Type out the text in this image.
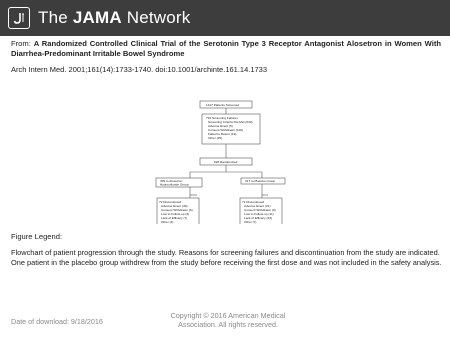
The JAMA Network
From: A Randomized Controlled Clinical Trial of the Serotonin Type 3 Receptor Antagonist Alosetron in Women With Diarrhea-Predominant Irritable Bowel Syndrome
Arch Intern Med. 2001;161(14):1733-1740. doi:10.1001/archinte.161.14.1733
1417 Patients Screened
791 Screening Failures
Screening Criteria Not Met (640)
Adverse Event (5)
Consent Withdrawn (102)
Failed to Return (19)
Other (25)
626 Randomized
309 to Alosetron
Hydrochloride Group
317 to Placebo Group
72 Discontinued
Adverse Event (49)
Consent Withdrawn (6)
Lost to Follow-up (6)
Lack of Efficacy (7)
Other (4)
71 Discontinued
Adverse Event (21)
Consent Withdrawn (9)
Lost to Follow-up (11)
Lack of Efficacy (23)
Other (7)
Figure Legend:
Flowchart of patient progression through the study. Reasons for screening failures and discontinuation from the study are indicated. One patient in the placebo group withdrew from the study before receiving the first dose and was not included in the safety analysis.
Date of download: 9/18/2016
Copyright © 2016 American Medical
Association. All rights reserved.
